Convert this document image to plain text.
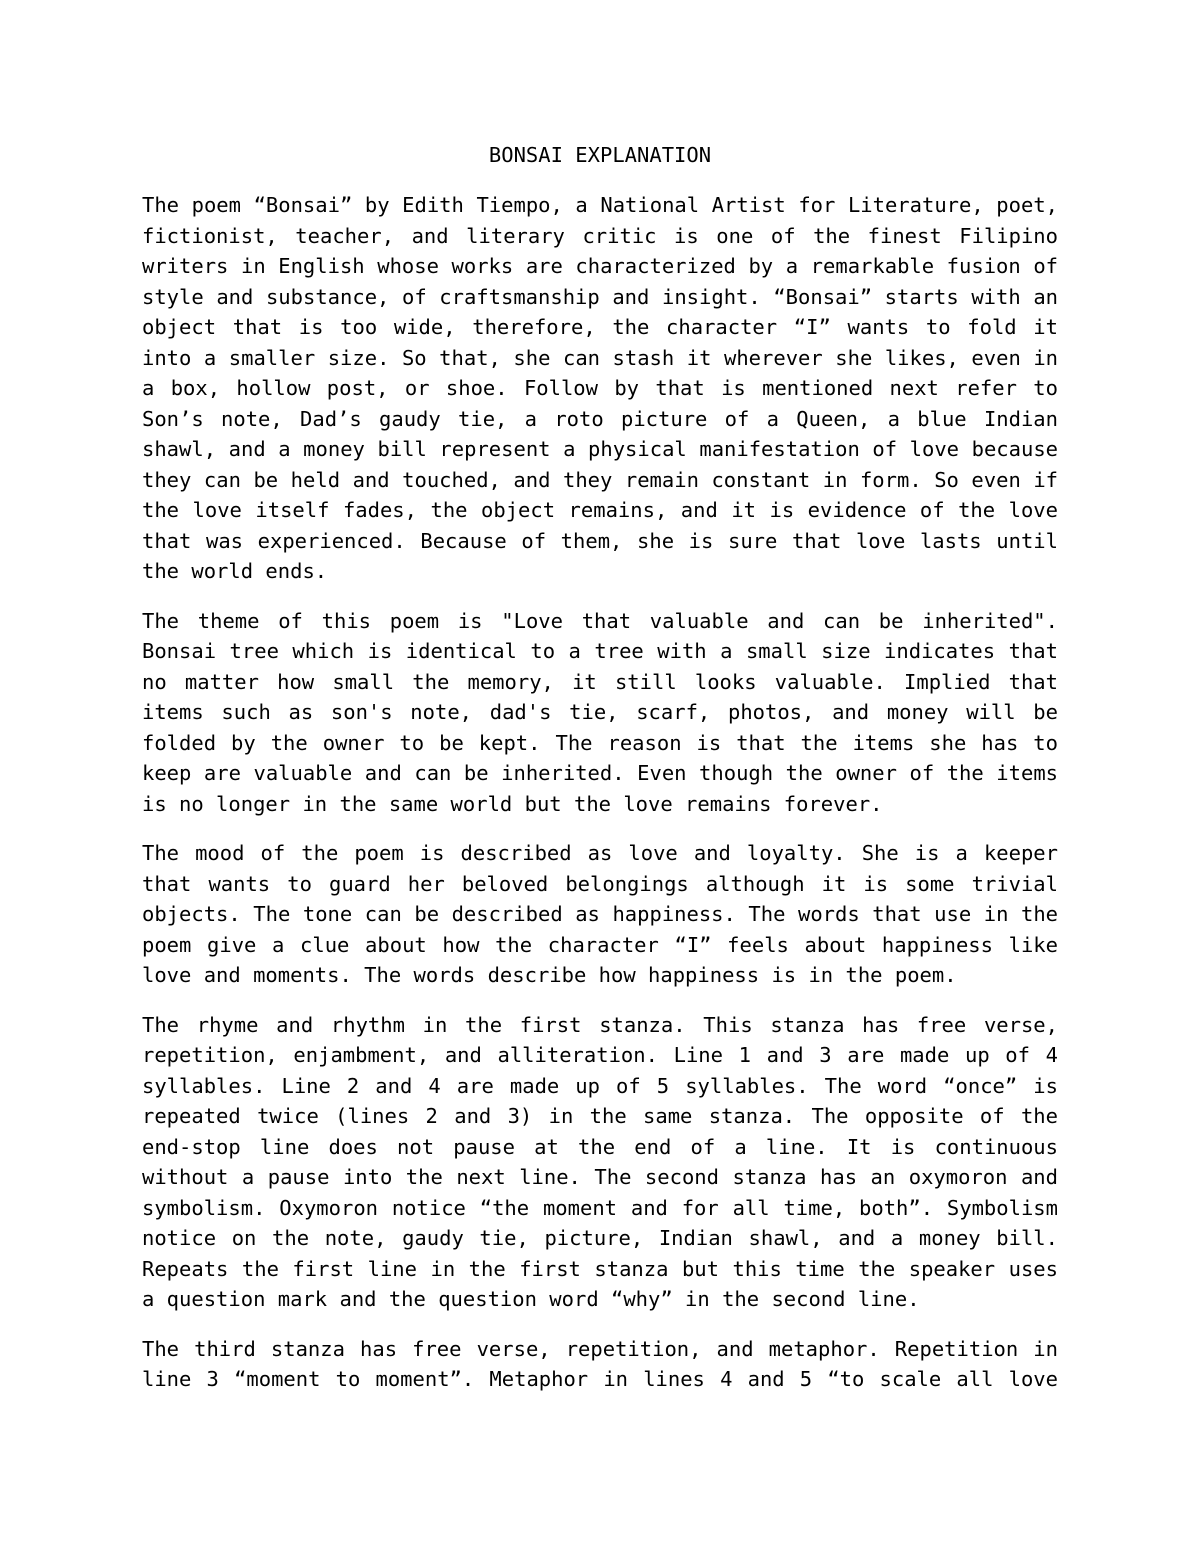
BONSAI EXPLANATION
The poem “Bonsai” by Edith Tiempo, a National Artist for Literature, poet, fictionist, teacher, and literary critic is one of the finest Filipino writers in English whose works are characterized by a remarkable fusion of style and substance, of craftsmanship and insight. “Bonsai” starts with an object that is too wide, therefore, the character “I” wants to fold it into a smaller size. So that, she can stash it wherever she likes, even in a box, hollow post, or shoe. Follow by that is mentioned next refer to Son’s note, Dad’s gaudy tie, a roto picture of a Queen, a blue Indian shawl, and a money bill represent a physical manifestation of love because they can be held and touched, and they remain constant in form. So even if the love itself fades, the object remains, and it is evidence of the love that was experienced. Because of them, she is sure that love lasts until the world ends.
The theme of this poem is "Love that valuable and can be inherited". Bonsai tree which is identical to a tree with a small size indicates that no matter how small the memory, it still looks valuable. Implied that items such as son's note, dad's tie, scarf, photos, and money will be folded by the owner to be kept. The reason is that the items she has to keep are valuable and can be inherited. Even though the owner of the items is no longer in the same world but the love remains forever.
The mood of the poem is described as love and loyalty. She is a keeper that wants to guard her beloved belongings although it is some trivial objects. The tone can be described as happiness. The words that use in the poem give a clue about how the character “I” feels about happiness like love and moments. The words describe how happiness is in the poem.
The rhyme and rhythm in the first stanza. This stanza has free verse, repetition, enjambment, and alliteration. Line 1 and 3 are made up of 4 syllables. Line 2 and 4 are made up of 5 syllables. The word “once” is repeated twice (lines 2 and 3) in the same stanza. The opposite of the end-stop line does not pause at the end of a line. It is continuous without a pause into the next line. The second stanza has an oxymoron and symbolism. Oxymoron notice “the moment and for all time, both”. Symbolism notice on the note, gaudy tie, picture, Indian shawl, and a money bill. Repeats the first line in the first stanza but this time the speaker uses a question mark and the question word “why” in the second line.
The third stanza has free verse, repetition, and metaphor. Repetition in line 3 “moment to moment”. Metaphor in lines 4 and 5 “to scale all love
